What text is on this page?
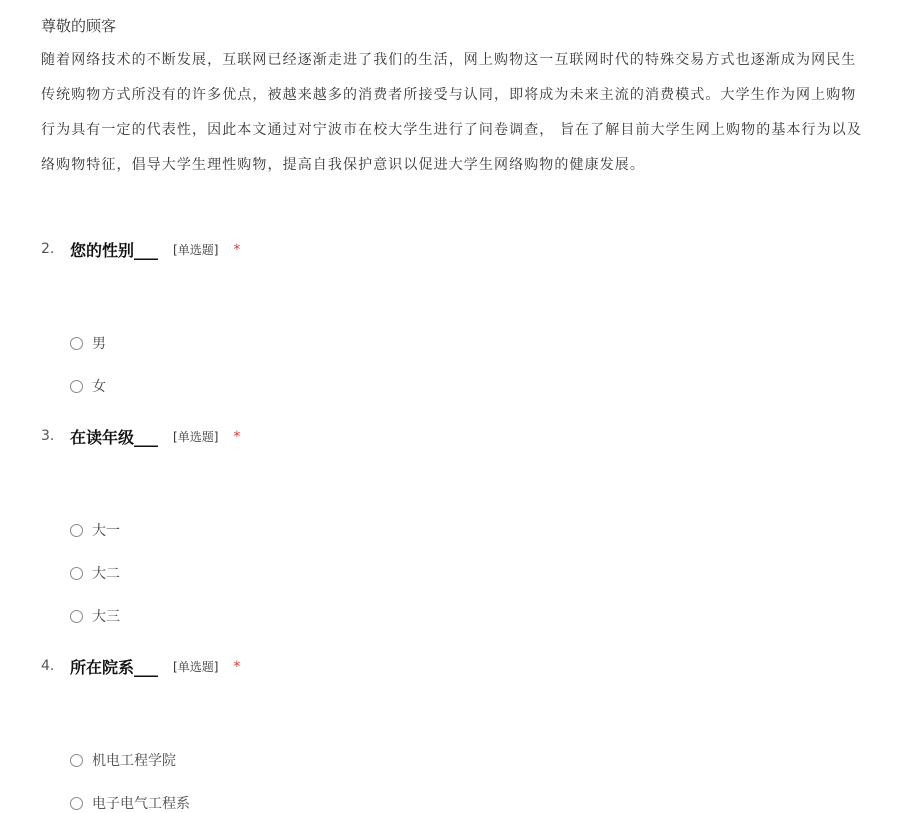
尊敬的顾客
随着网络技术的不断发展，互联网已经逐渐走进了我们的生活，网上购物这一互联网时代的特殊交易方式也逐渐成为网民生
传统购物方式所没有的许多优点，被越来越多的消费者所接受与认同，即将成为未来主流的消费模式。大学生作为网上购物
行为具有一定的代表性，因此本文通过对宁波市在校大学生进行了问卷调查， 旨在了解目前大学生网上购物的基本行为以及
络购物特征，倡导大学生理性购物，提高自我保护意识以促进大学生网络购物的健康发展。
2. 您的性别___ [单选题] *
男
女
3. 在读年级___ [单选题] *
大一
大二
大三
4. 所在院系___ [单选题] *
机电工程学院
电子电气工程系
